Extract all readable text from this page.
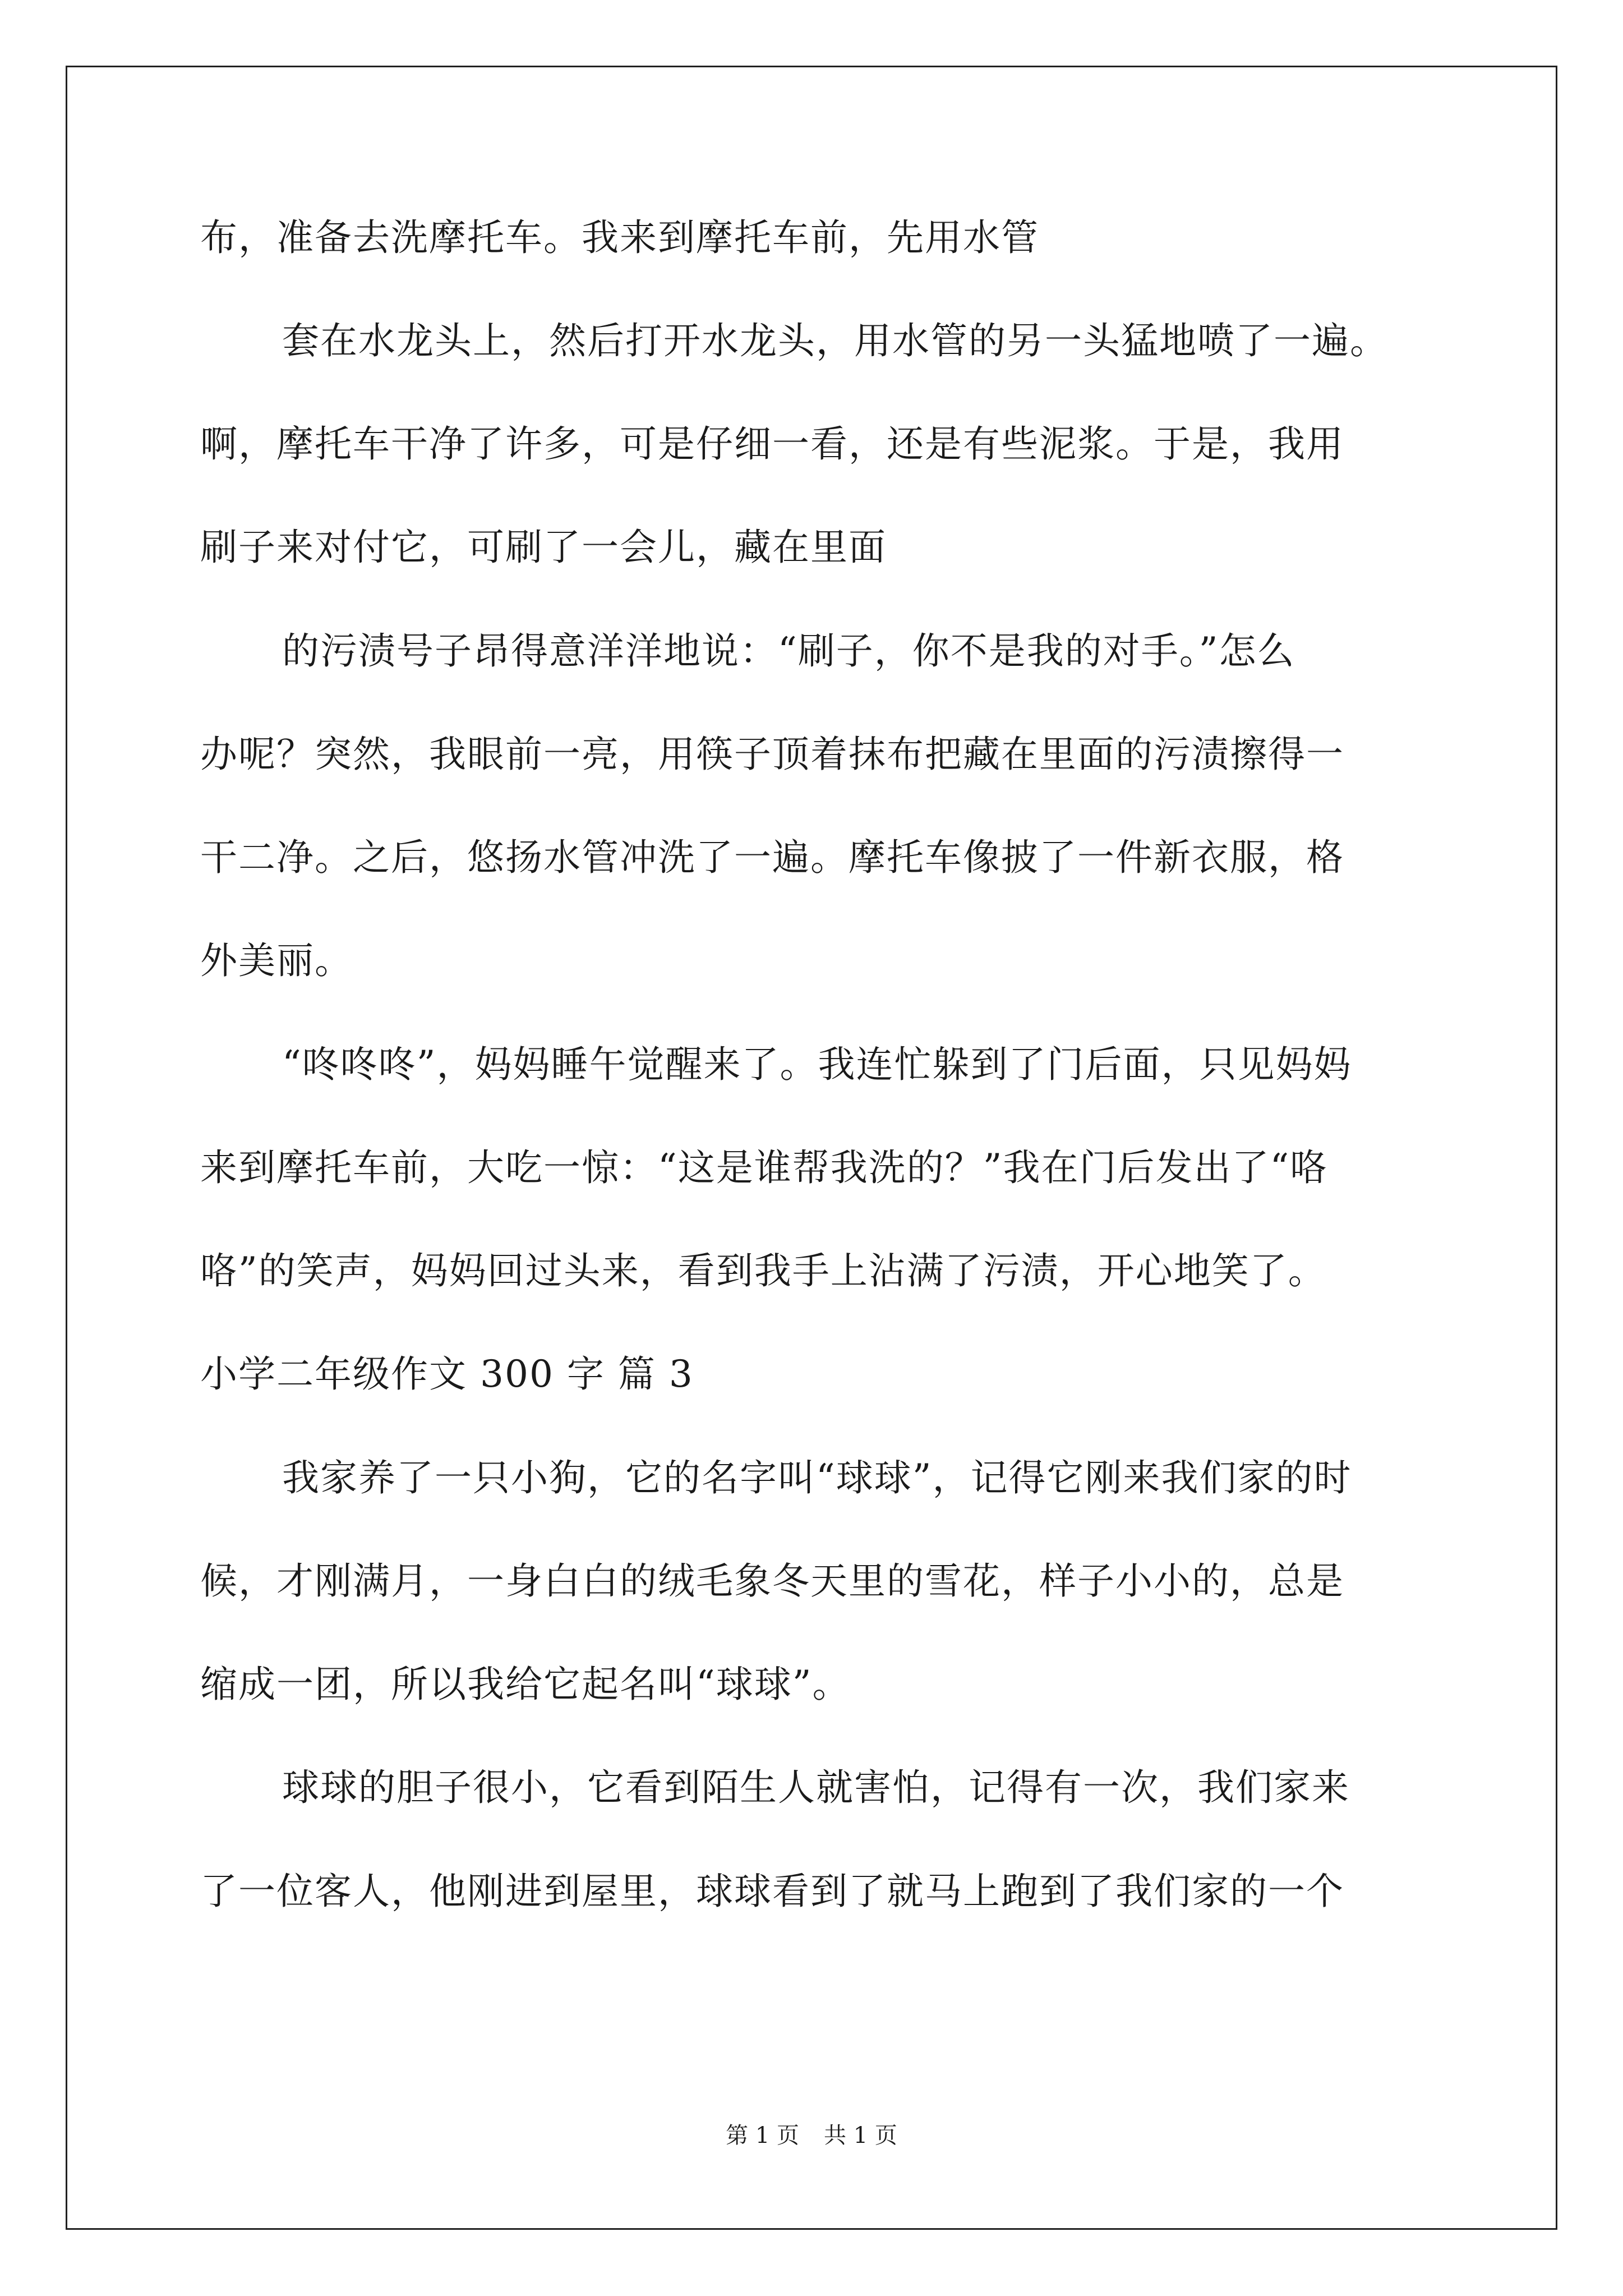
布，准备去洗摩托车。我来到摩托车前，先用水管
套在水龙头上，然后打开水龙头，用水管的另一头猛地喷了一遍。
啊，摩托车干净了许多，可是仔细一看，还是有些泥浆。于是，我用
刷子来对付它，可刷了一会儿，藏在里面
的污渍号子昂得意洋洋地说：“刷子，你不是我的对手。”怎么
办呢？突然，我眼前一亮，用筷子顶着抹布把藏在里面的污渍擦得一
干二净。之后，悠扬水管冲洗了一遍。摩托车像披了一件新衣服，格
外美丽。
“咚咚咚”，妈妈睡午觉醒来了。我连忙躲到了门后面，只见妈妈
来到摩托车前，大吃一惊：“这是谁帮我洗的？”我在门后发出了“咯
咯”的笑声，妈妈回过头来，看到我手上沾满了污渍，开心地笑了。
小学二年级作文 300 字 篇 3
我家养了一只小狗，它的名字叫“球球”，记得它刚来我们家的时
候，才刚满月，一身白白的绒毛象冬天里的雪花，样子小小的，总是
缩成一团，所以我给它起名叫“球球”。
球球的胆子很小，它看到陌生人就害怕，记得有一次，我们家来
了一位客人，他刚进到屋里，球球看到了就马上跑到了我们家的一个
第 1 页 共 1 页
